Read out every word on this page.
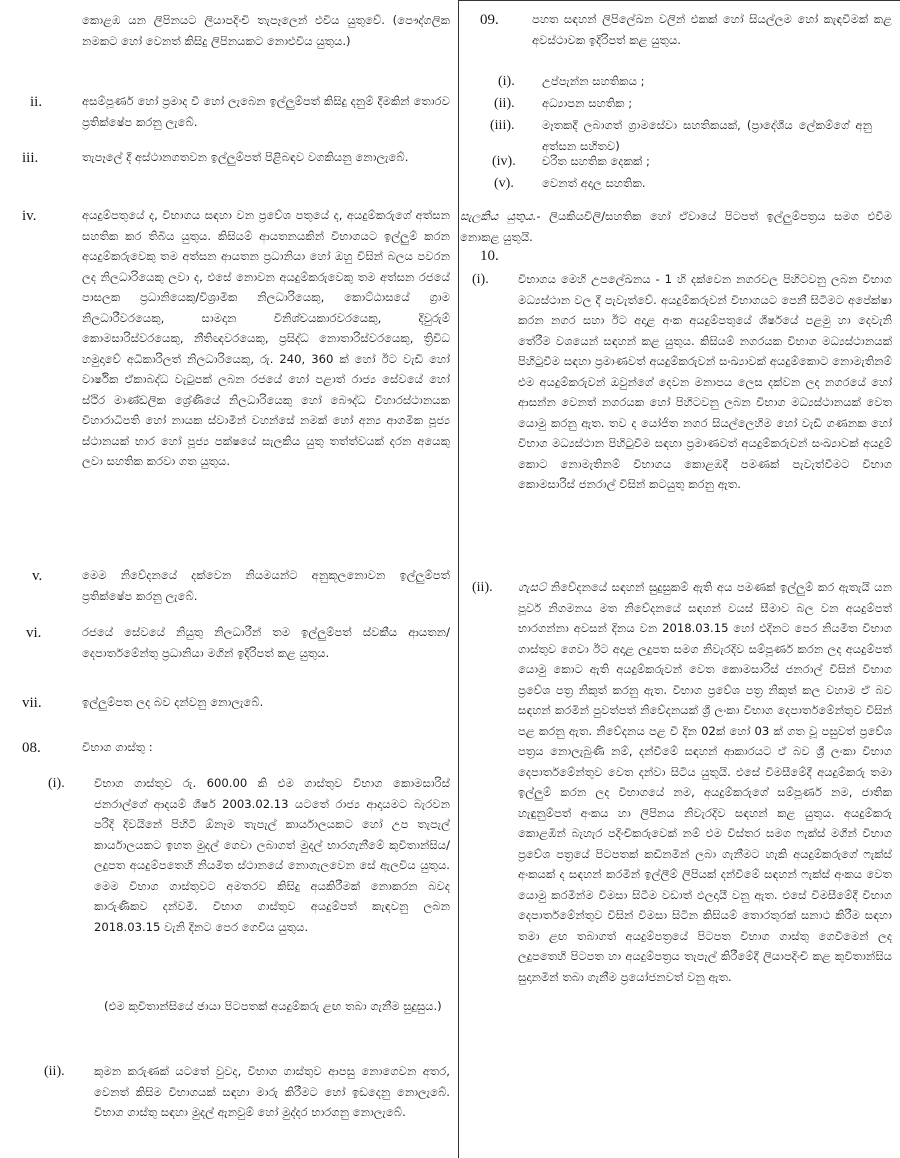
කොළඹ යන ලිපිනයට ලියාපදිංචි තැපෑලෙන් එවිය යුතුවේ. (පෞද්ගලික නමකට හෝ වෙනත් කිසිදු ලිපිනයකට නොඑවිය යුතුය.)
ii.	අසම්පූර්ණ හෝ ප්‍රමාද වී හෝ ලැබෙන ඉල්ලුම්පත් කිසිදු දනුම් දීමකින් තොරව ප්‍රතික්ෂේප කරනු ලැබේ.
iii.	තැපෑලේ දී අස්ථානගතවන ඉල්ලුම්පත් පිළිබඳව වගකියනු නොලැබේ.
iv.	අයදුම්පතුයේ ද, විභාගය සඳහා වන ප්‍රවේශ පතුයේ ද, අයදුම්කරුගේ අත්සන සහතික කර තිබිය යුතුය. කිසියම් ආයතනයකින් විභාගයට ඉල්ලුම් කරන අයදුම්කරුවෙකු තම අත්සන ආයතන ප්‍රධානියා හෝ ඔහු විසින් බලය පවරන ලද නිලධාරියෙකු ලවා ද, එසේ නොවන අයදුම්කරුවෙකු තම අත්සන රජයේ පාසලක ප්‍රධානියෙකු/විශ්‍රාමික නිලධාරියෙකු, කොට්ඨාසයේ ග්‍රාම නිලධාරීවරයෙකු, සාමදාන විනිශ්චයකාරවරයෙකු, දිවුරුම් කොමසාරිස්වරයෙකු, නීතිඥවරයෙකු, ප්‍රසිද්ධ නොතාරිස්වරයෙකු, ත්‍රිවිධ හමුදාවේ අධිකාරිලත් නිලධාරියෙකු, රු. 240, 360 ක් හෝ ඊට වැඩි හෝ වාර්ෂික ඒකාබද්ධ වැටුපක් ලබන රජයේ හෝ පළාත් රාජ්‍ය සේවයේ හෝ ස්ථිර මාණ්ඩලික ශ්‍රේණියේ නිලධාරියෙකු හෝ බෞද්ධ විහාරස්ථානයක විහාරාධිපති හෝ නායක ස්වාමීන් වහන්සේ නමක් හෝ අන්‍ය ආගමික පූජ්‍ය ස්ථානයක් භාර හෝ පූජ්‍ය පක්ෂයේ සැලකිය යුතු තත්ත්වයක් දරන අයෙකු ලවා සහතික කරවා ගත යුතුය.
v.	මෙම නිවේදනයේ දක්වෙන නියමයන්ට අනුකූලනොවන ඉල්ලුම්පත් ප්‍රතික්ෂේප කරනු ලැබේ.
vi.	රජයේ සේවයේ නියුතු නිලධාරීන් තම ඉල්ලුම්පත් ස්වකීය ආයතන/දෙපාර්තමේන්තු ප්‍රධානියා මගින් ඉදිරිපත් කළ යුතුය.
vii.	ඉල්ලුම්පත ලද බව දන්වනු නොලැබේ.
08.	විභාග ගාස්තු :
(i).	විභාග ගාස්තුව රු. 600.00 කි එම ගාස්තුව විභාග කොමසාරිස් ජනරාල්ගේ ආදයම් ශීර්ෂ 2003.02.13 යටතේ රාජ්‍ය ආදායමට බැරවන පරිදි දිවයිනේ පිහිටි ඕනෑම තැපැල් කාර්යාලයකට හෝ උප තැපැල් කාර්යාලයකට ඉහත මුදල් ගෙවා ලබාගත් මුදල් භාරගැනීමේ කුවිතාන්සිය/ලදුපත අයදුම්පතෙහි නියමිත ස්ථානයේ නොගැලවෙන සේ ඇලවිය යුතුය. මෙම විභාග ගාස්තුවට අමතරව කිසිදු අයකිරීමක් නොකරන බවද කාරුණිකව දන්වමි. විභාග ගාස්තුව අයදුම්පත් කැඳවනු ලබන 2018.03.15 වැනි දිනට පෙර ගෙවිය යුතුය.
(එම කුවිතාන්සියේ ඡායා පිටපතක් අයදුම්කරු ළඟ තබා ගැනීම සුදුසුය.)
(ii).	කුමන කරුණක් යටතේ වුවද, විභාග ගාස්තුව ආපසු නොගෙවන අතර, වෙනත් කිසිම විභාගයක් සඳහා මාරු කිරීමට හෝ ඉඩදෙනු නොලැබේ. විභාග ගාස්තු සඳහා මුදල් ඇනවුම් හෝ මුද්දර භාරගනු නොලැබේ.
09.	පහත සඳහන් ලිපිලේඛන වලින් එකක් හෝ සියල්ලම හෝ කැඳවීමක් කළ අවස්ථාවක ඉදිරිපත් කළ යුතුය.
(i). උප්පැන්න සහතිකය ;
(ii). අධ්‍යාපන සහතික ;
(iii). මෑතකදී ලබාගත් ග්‍රාමසේවා සහතිකයක්, (ප්‍රාදේශීය ලේකම්ගේ අනු අත්සන සහිතව)
(iv). චරිත සහතික දෙකක් ;
(v). වෙනත් අදාල සහතික.
සැලකිය යුතුය.- ලියකියවිලි/සහතික හෝ ඒවායේ පිටපත් ඉල්ලුම්පත්‍රය සමග එවීම නොකළ යුතුයි.
10.
(i).	විභාගය මෙහි උපලේඛනය - 1 හි දක්වෙන නගරවල පිහිටවනු ලබන විභාග මධ්‍යස්ථාන වල දී පැවැත්වේ. අයදුම්කරුවන් විභාගයට පෙනී සිටීමට අපේක්ෂා කරන නගර සහා ඊට අදාළ අංක අයදුම්පතුයේ ශීර්ෂයේ පළමු හා දෙවැනි තේරීම වශයෙන් සඳහන් කළ යුතුය. කිසියම් නගරයක විභාග මධ්‍යස්ථානයක් පිහිටුවීම සඳහා ප්‍රමාණවත් අයදුම්කරුවන් සංඛ්‍යාවක් අයදුම්කොට නොමැතිනම් එම අයදුම්කරුවන් ඔවුන්ගේ දෙවන මනාපය ලෙස දක්වන ලද නගරයේ හෝ ආසන්න වෙනත් නගරයක හෝ පිහිටවනු ලබන විභාග මධ්‍යස්ථානයක් වෙත යොමු කරනු ඇත. තව ද යෝජිත නගර සියල්ලෙහිම හෝ වැඩි ගණනක හෝ විභාග මධ්‍යස්ථාන පිහිටුවීම සඳහා ප්‍රමාණවත් අයදුම්කරුවන් සංඛ්‍යාවක් අයදුම් කොට නොමැතිනම් විභාගය කොළඹදී පමණක් පැවැත්වීමට විභාග කොමසාරිස් ජනරාල් විසින් කටයුතු කරනු ඇත.
(ii). ගැසට් නිවේදනයේ සඳහන් සුදුසුකම් ඇති අය පමණක් ඉල්ලුම් කර ඇතැයි යන පූර්ව නිගමනය මත නිවේදනයේ සඳහන් වයස් සීමාව බල වන අයදුම්පත් භාරගන්නා අවසන් දිනය වන 2018.03.15 හෝ එදිනට පෙර නියමිත විභාග ගාස්තුව ගෙවා ඊට අදාළ ලදුපත සමග නිවැරදිව සම්පූර්ණ කරන ලද අයදුම්පත් යොමු කොට ඇති අයදුම්කරුවන් වෙත කොමසාරිස් ජනරාල් විසින් විභාග ප්‍රවේශ පත්‍ර නිකුත් කරනු ඇත. විභාග ප්‍රවේශ පත්‍ර නිකුත් කල වහාම ඒ බව සඳහන් කරමින් පුවත්පත් නිවේදනයක් ශ්‍රී ලංකා විභාග දෙපාර්තමේන්තුව විසින් පළ කරනු ඇත. නිවේදනය පළ වී දින 02ක් හෝ 03 ක් ගත වූ පසුවත් ප්‍රවේශ පත්‍රය නොලැබුණි නම්, දන්වීමේ සඳහන් ආකාරයට ඒ බව ශ්‍රී ලංකා විභාග දෙපාර්තමේන්තුව වෙත දන්වා සිටිය යුතුයි. එසේ විමසීමේදී අයදුම්කරු තමා ඉල්ලුම් කරන ලද විභාගයේ නම, අයදුම්කරුගේ සම්පූර්ණ නම, ජාතික හැඳුනුම්පත් අංකය හා ලිපිනය නිවැරදිව සඳහන් කළ යුතුය. අයදුම්කරු කොළඹින් බැහැර පදිංචිකරුවෙක් නම් එම විස්තර සමග ෆැක්ස් මගින් විභාග ප්‍රවේශ පත්‍රයේ පිටපතක් කඩිනමින් ලබා ගැනීමට හැකි අයදුම්කරුගේ ෆැක්ස් අංකයක් ද සඳහන් කරමින් ඉල්ලීම් ලිපියක් දන්වීමේ සඳහන් ෆැක්ස් අංකය වෙත යොමු කරමින්ම විමසා සිටීම වඩාත් ඵලදායී වනු ඇත. එසේ විමසීමේදී විභාග දෙපාර්තමේන්තුව විසින් විමසා සිටින කිසියම් තොරතුරක් සනාථ කිරීම සඳහා තමා ළඟ තබාගත් අයදුම්පත්‍රයේ පිටපත විභාග ගාස්තු ගෙවීමෙන් ලද ලදුපතෙහි පිටපත හා අයදුම්පත්‍රය තැපැල් කිරීමේදී ලියාපදිංචි කළ කුවිතාන්සිය සුදානමින් තබා ගැනීම ප්‍රයෝජනවත් වනු ඇත.
